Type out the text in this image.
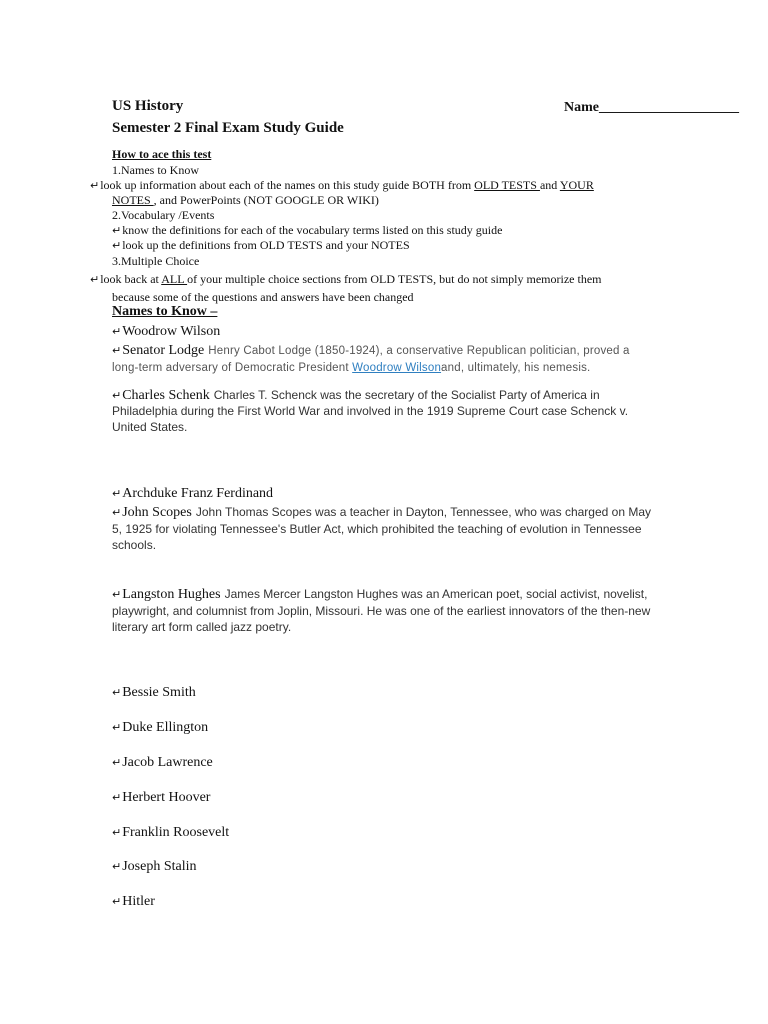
US History	Name____________________
Semester 2 Final Exam Study Guide
How to ace this test
1.Names to Know
↵look up information about each of the names on this study guide BOTH from OLD TESTS and YOUR
NOTES , and PowerPoints (NOT GOOGLE OR WIKI)
2.Vocabulary /Events
↵know the definitions for each of the vocabulary terms listed on this study guide
↵look up the definitions from OLD TESTS and your NOTES
3.Multiple Choice
↵look back at ALL of your multiple choice sections from OLD TESTS, but do not simply memorize them
because some of the questions and answers have been changed
Names to Know –
↵Woodrow Wilson
↵Senator Lodge Henry Cabot Lodge (1850-1924), a conservative Republican politician, proved a long-term adversary of Democratic President Woodrow Wilsonand, ultimately, his nemesis.
↵Charles Schenk Charles T. Schenck was the secretary of the Socialist Party of America in Philadelphia during the First World War and involved in the 1919 Supreme Court case Schenck v. United States.
↵Archduke Franz Ferdinand
↵John Scopes John Thomas Scopes was a teacher in Dayton, Tennessee, who was charged on May 5, 1925 for violating Tennessee's Butler Act, which prohibited the teaching of evolution in Tennessee schools.
↵Langston Hughes James Mercer Langston Hughes was an American poet, social activist, novelist, playwright, and columnist from Joplin, Missouri. He was one of the earliest innovators of the then-new literary art form called jazz poetry.
↵Bessie Smith
↵Duke Ellington
↵Jacob Lawrence
↵Herbert Hoover
↵Franklin Roosevelt
↵Joseph Stalin
↵Hitler
